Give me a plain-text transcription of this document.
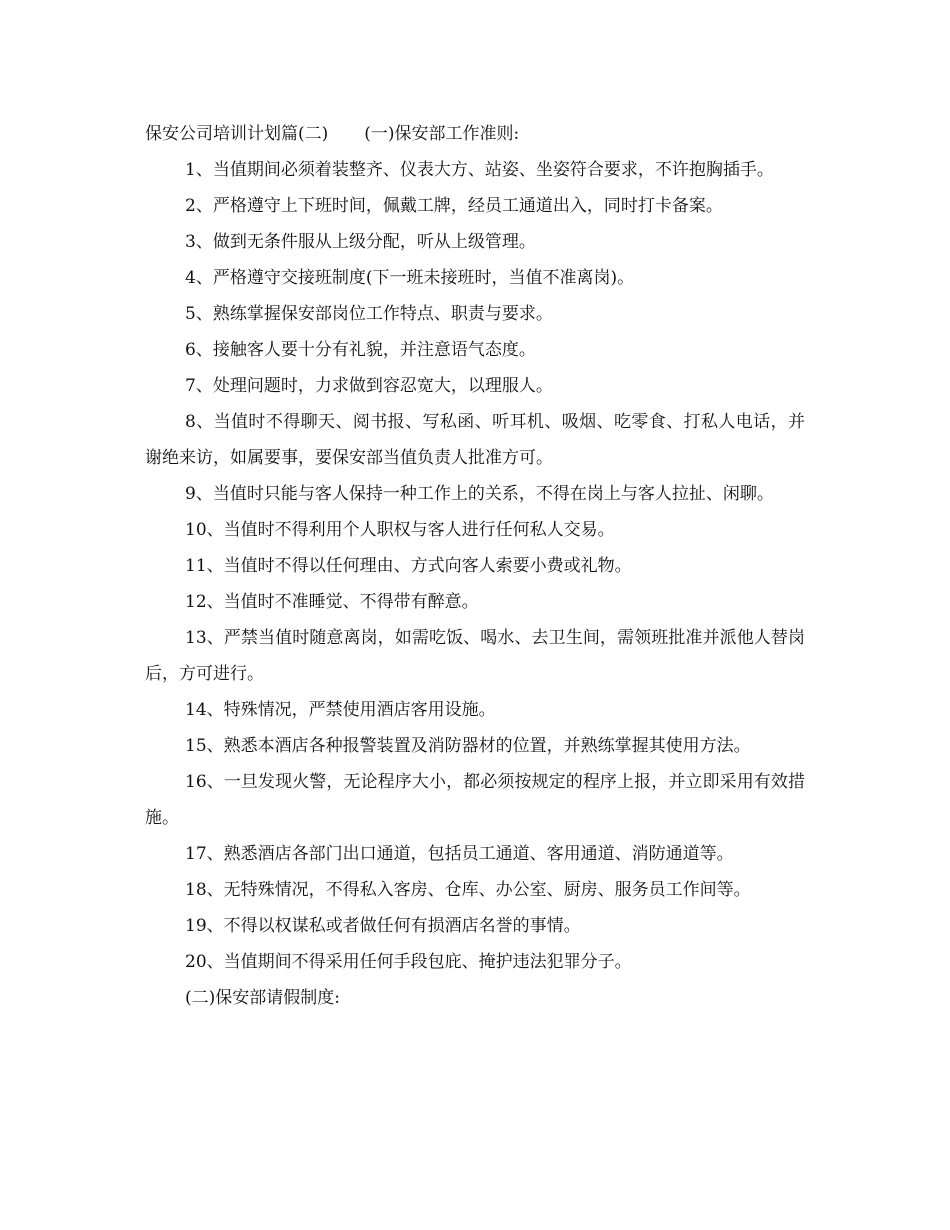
保安公司培训计划篇(二) (一)保安部工作准则:

1、当值期间必须着装整齐、仪表大方、站姿、坐姿符合要求，不许抱胸插手。

2、严格遵守上下班时间，佩戴工牌，经员工通道出入，同时打卡备案。

3、做到无条件服从上级分配，听从上级管理。

4、严格遵守交接班制度(下一班未接班时，当值不准离岗)。

5、熟练掌握保安部岗位工作特点、职责与要求。

6、接触客人要十分有礼貌，并注意语气态度。

7、处理问题时，力求做到容忍宽大，以理服人。

8、当值时不得聊天、阅书报、写私函、听耳机、吸烟、吃零食、打私人电话，并谢绝来访，如属要事，要保安部当值负责人批准方可。

9、当值时只能与客人保持一种工作上的关系，不得在岗上与客人拉扯、闲聊。

10、当值时不得利用个人职权与客人进行任何私人交易。

11、当值时不得以任何理由、方式向客人索要小费或礼物。

12、当值时不准睡觉、不得带有醉意。

13、严禁当值时随意离岗，如需吃饭、喝水、去卫生间，需领班批准并派他人替岗后，方可进行。

14、特殊情况，严禁使用酒店客用设施。

15、熟悉本酒店各种报警装置及消防器材的位置，并熟练掌握其使用方法。

16、一旦发现火警，无论程序大小，都必须按规定的程序上报，并立即采用有效措施。

17、熟悉酒店各部门出口通道，包括员工通道、客用通道、消防通道等。

18、无特殊情况，不得私入客房、仓库、办公室、厨房、服务员工作间等。

19、不得以权谋私或者做任何有损酒店名誉的事情。

20、当值期间不得采用任何手段包庇、掩护违法犯罪分子。

(二)保安部请假制度:
